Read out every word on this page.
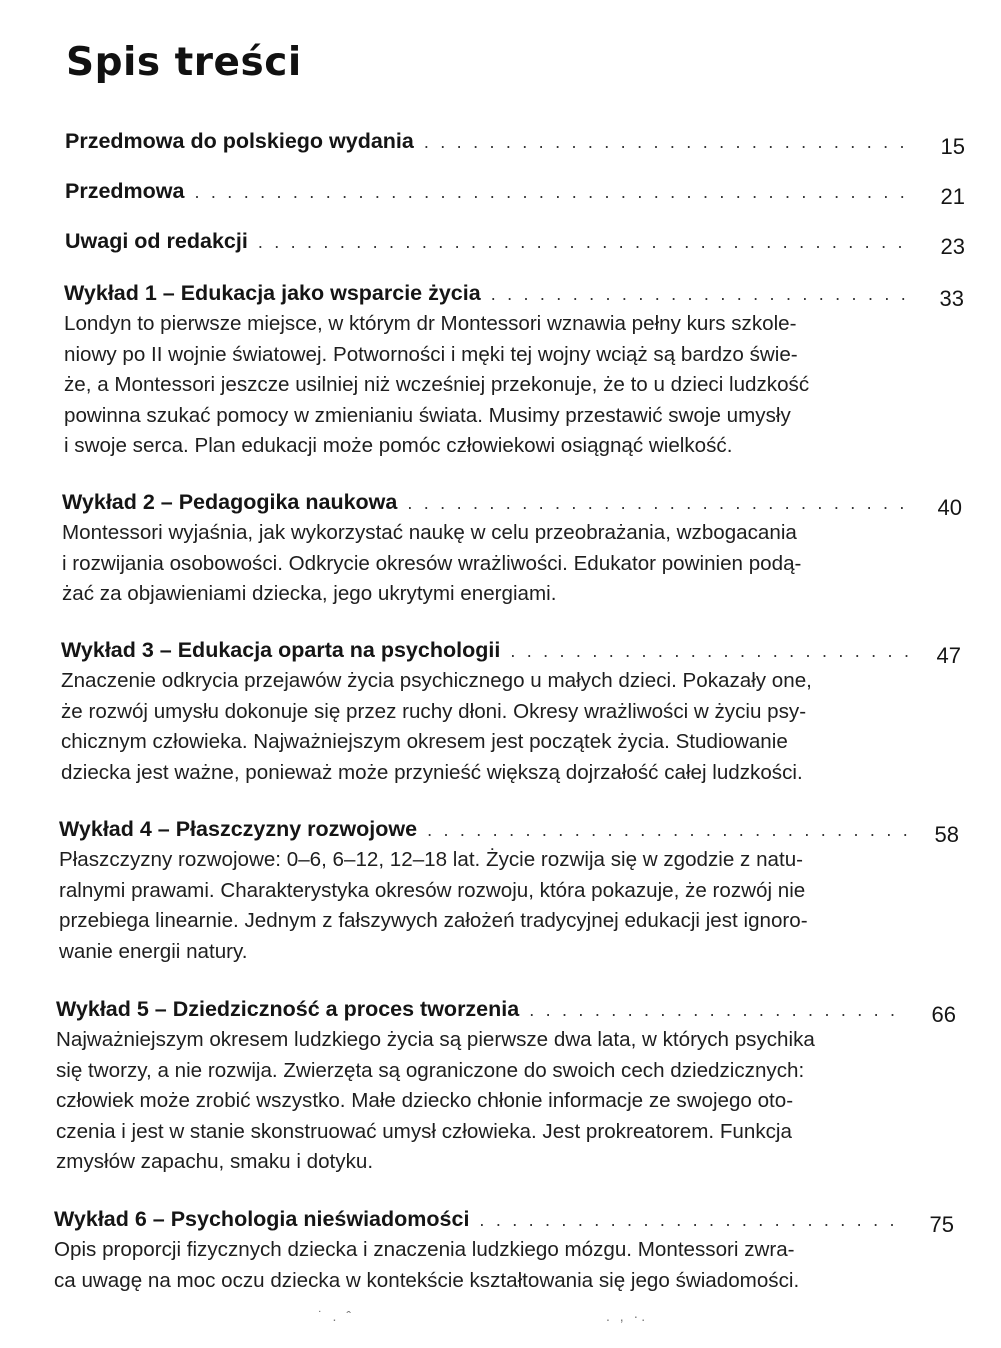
Spis treści
Przedmowa do polskiego wydania . . .	15
Przedmowa . . .	21
Uwagi od redakcji . . .	23
Wykład 1 – Edukacja jako wsparcie życia . . .	33
Londyn to pierwsze miejsce, w którym dr Montessori wznawia pełny kurs szkole-
niowy po II wojnie światowej. Potworności i męki tej wojny wciąż są bardzo świe-
że, a Montessori jeszcze usilniej niż wcześniej przekonuje, że to u dzieci ludzkość
powinna szukać pomocy w zmienianiu świata. Musimy przestawić swoje umysły
i swoje serca. Plan edukacji może pomóc człowiekowi osiągnąć wielkość.
Wykład 2 – Pedagogika naukowa . . .	40
Montessori wyjaśnia, jak wykorzystać naukę w celu przeobrażania, wzbogacania
i rozwijania osobowości. Odkrycie okresów wrażliwości. Edukator powinien podą-
żać za objawieniami dziecka, jego ukrytymi energiami.
Wykład 3 – Edukacja oparta na psychologii . . .	47
Znaczenie odkrycia przejawów życia psychicznego u małych dzieci. Pokazały one,
że rozwój umysłu dokonuje się przez ruchy dłoni. Okresy wrażliwości w życiu psy-
chicznym człowieka. Najważniejszym okresem jest początek życia. Studiowanie
dziecka jest ważne, ponieważ może przynieść większą dojrzałość całej ludzkości.
Wykład 4 – Płaszczyzny rozwojowe . . .	58
Płaszczyzny rozwojowe: 0–6, 6–12, 12–18 lat. Życie rozwija się w zgodzie z natu-
ralnymi prawami. Charakterystyka okresów rozwoju, która pokazuje, że rozwój nie
przebiega linearnie. Jednym z fałszywych założeń tradycyjnej edukacji jest ignoro-
wanie energii natury.
Wykład 5 – Dziedziczność a proces tworzenia . . .	66
Najważniejszym okresem ludzkiego życia są pierwsze dwa lata, w których psychika
się tworzy, a nie rozwija. Zwierzęta są ograniczone do swoich cech dziedzicznych:
człowiek może zrobić wszystko. Małe dziecko chłonie informacje ze swojego oto-
czenia i jest w stanie skonstruować umysł człowieka. Jest prokreatorem. Funkcja
zmysłów zapachu, smaku i dotyku.
Wykład 6 – Psychologia nieświadomości . . .	75
Opis proporcji fizycznych dziecka i znaczenia ludzkiego mózgu. Montessori zwra-
ca uwagę na moc oczu dziecka w kontekście kształtowania się jego świadomości.
˙ . ˆ	. , ·.
